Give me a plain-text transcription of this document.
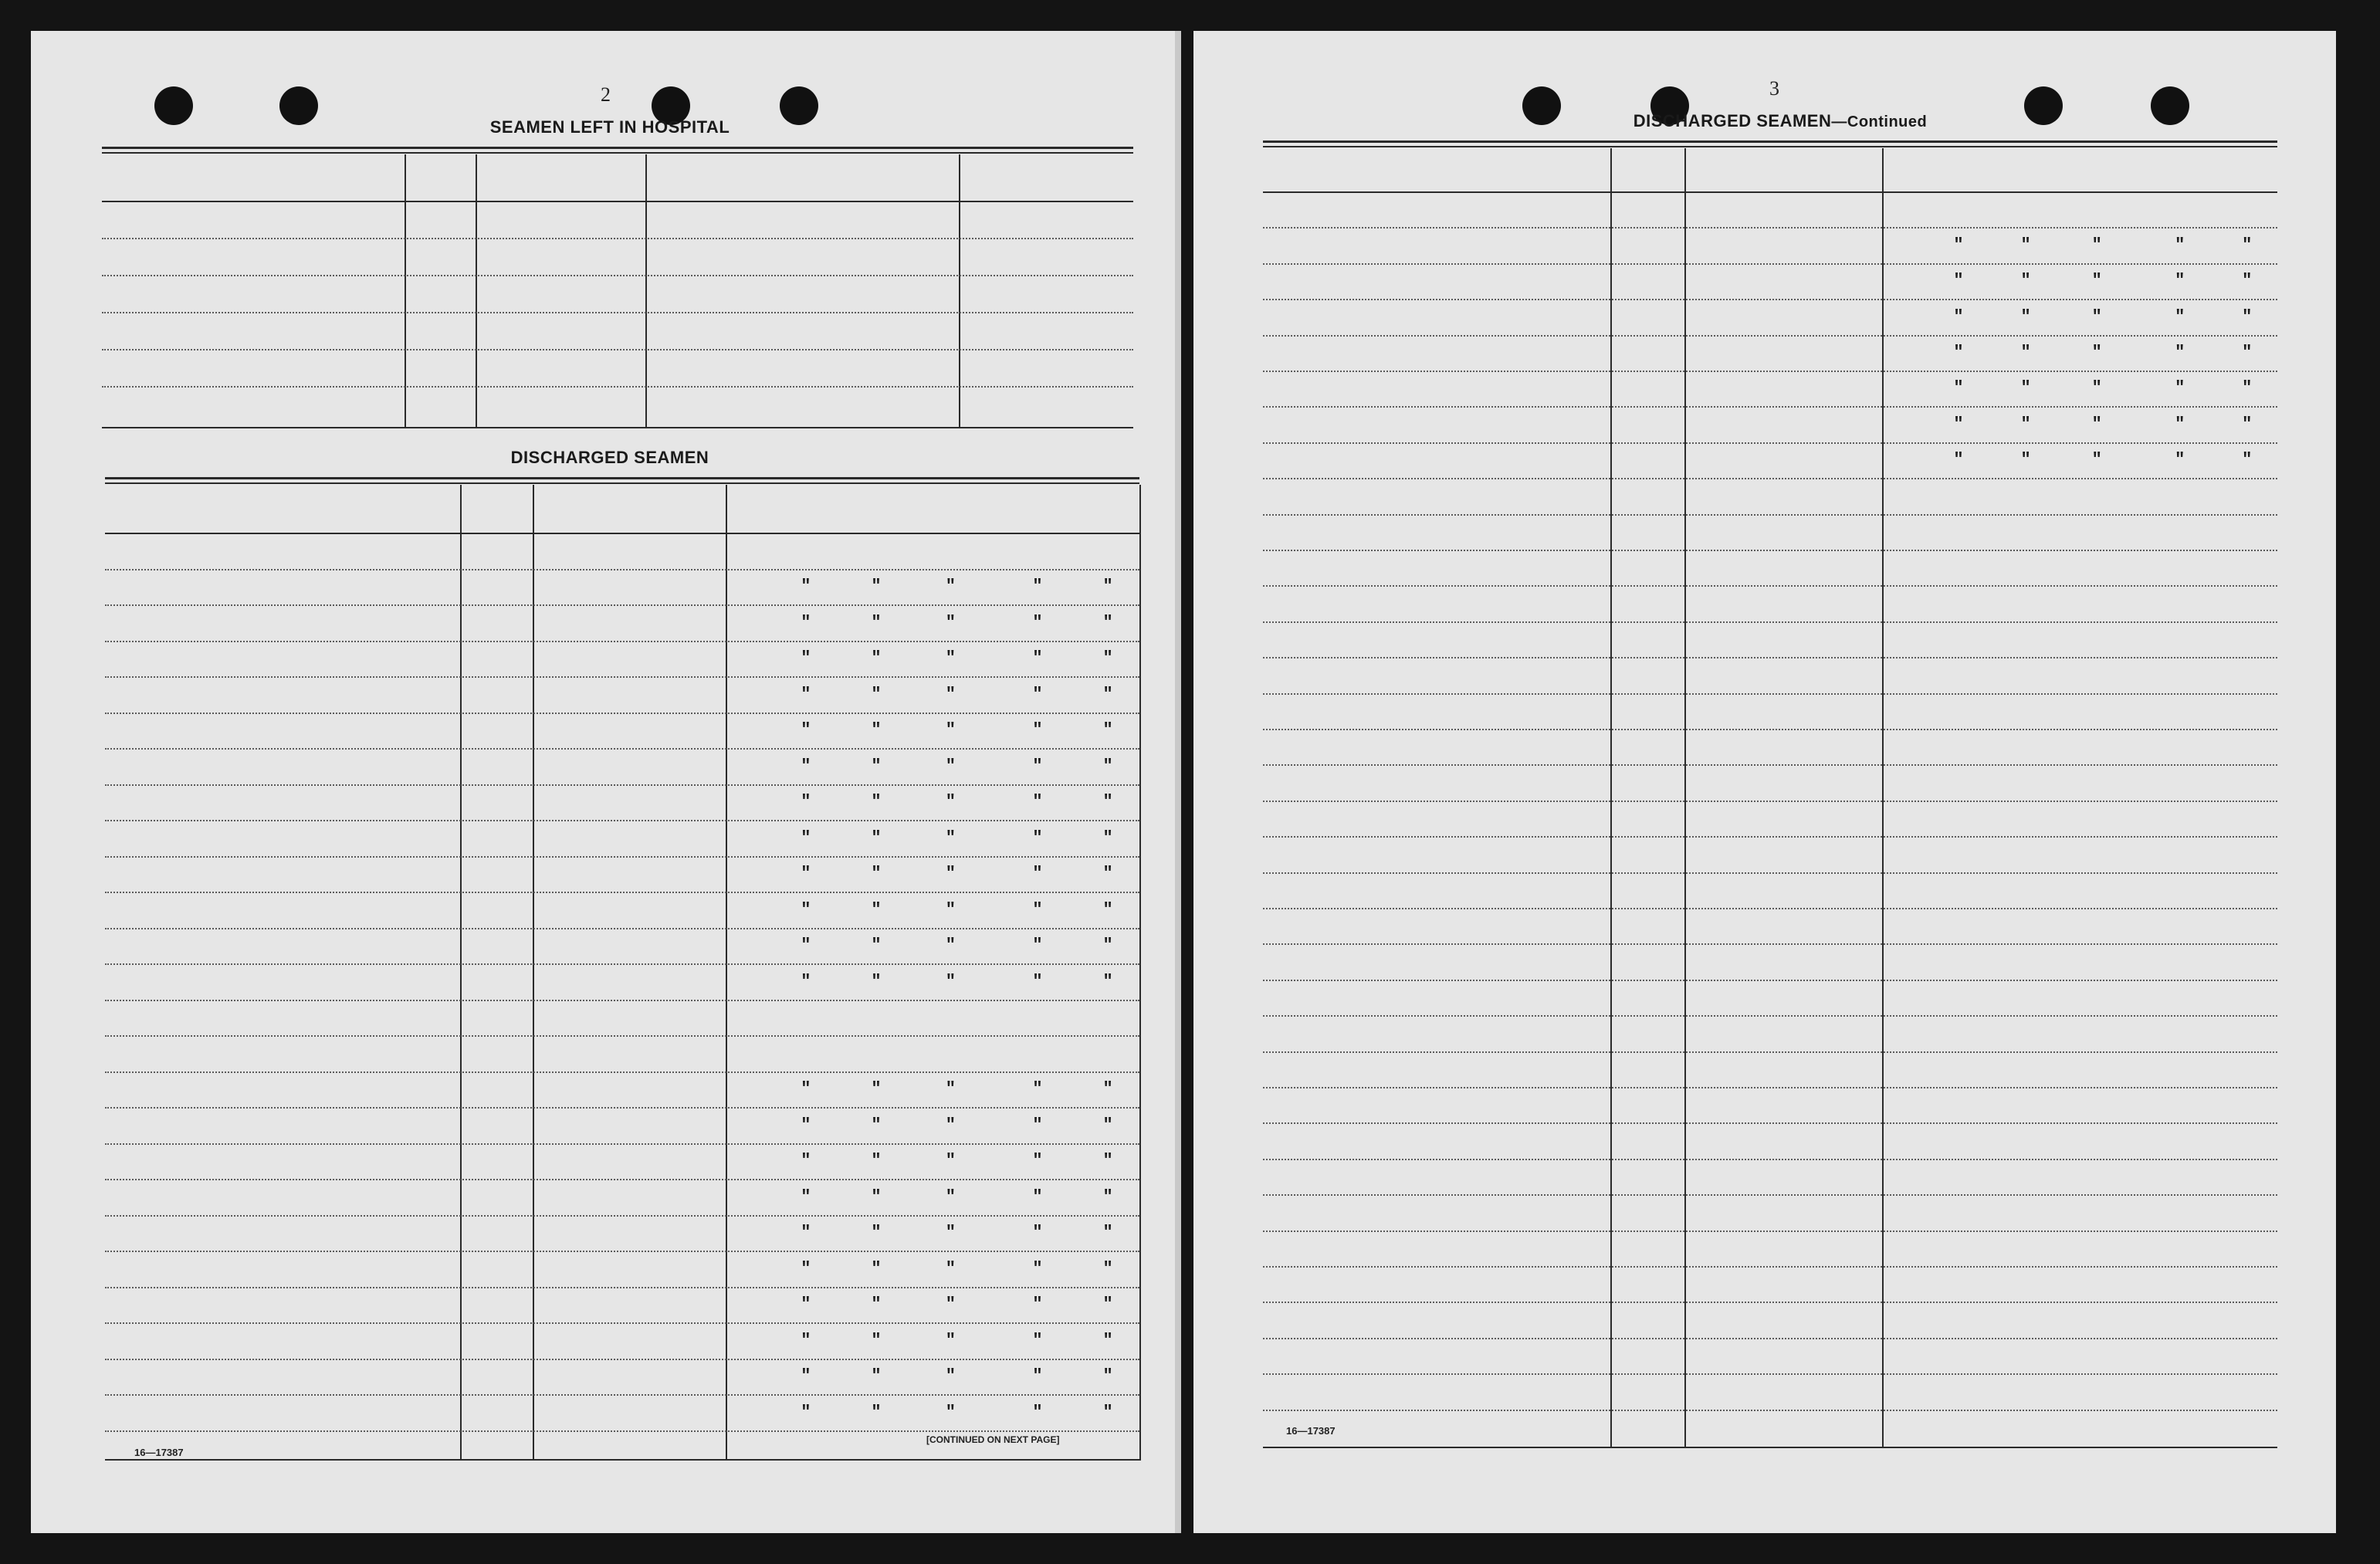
2
SEAMEN LEFT IN HOSPITAL
DISCHARGED SEAMEN
"	"	"	"	"
"	"	"	"	"
"	"	"	"	"
"	"	"	"	"
"	"	"	"	"
"	"	"	"	"
"	"	"	"	"
"	"	"	"	"
"	"	"	"	"
"	"	"	"	"
"	"	"	"	"
"	"	"	"	"
"	"	"	"	"
"	"	"	"	"
"	"	"	"	"
"	"	"	"	"
"	"	"	"	"
"	"	"	"	"
"	"	"	"	"
"	"	"	"	"
"	"	"	"	"
"	"	"	"	"
16—17387
[CONTINUED ON NEXT PAGE]
3
DISCHARGED SEAMEN—Continued
"	"	"	"	"
"	"	"	"	"
"	"	"	"	"
"	"	"	"	"
"	"	"	"	"
"	"	"	"	"
"	"	"	"	"
16—17387
